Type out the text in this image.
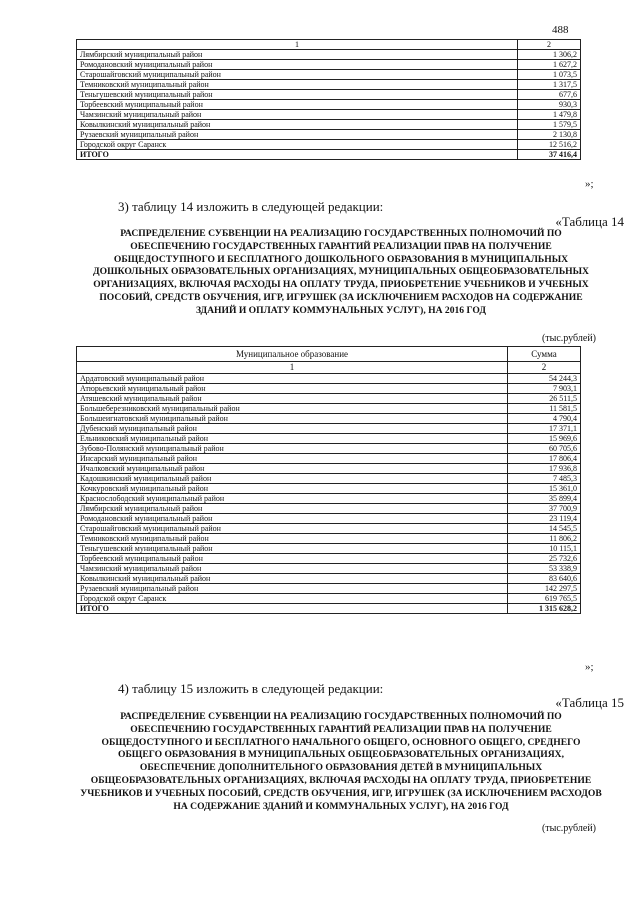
488
1	2
Лямбирский муниципальный район	1 306,2
Ромодановский муниципальный район	1 627,2
Старошайговский муниципальный район	1 073,5
Темниковский муниципальный район	1 317,5
Теньгушевский муниципальный район	677,6
Торбеевский муниципальный район	930,3
Чамзинский муниципальный район	1 479,8
Ковылкинский муниципальный район	1 579,5
Рузаевский муниципальный район	2 130,8
Городской округ Саранск	12 516,2
ИТОГО	37 416,4
»;
3) таблицу 14 изложить в следующей редакции:
«Таблица 14
РАСПРЕДЕЛЕНИЕ СУБВЕНЦИИ НА РЕАЛИЗАЦИЮ ГОСУДАРСТВЕННЫХ ПОЛНОМОЧИЙ ПО ОБЕСПЕЧЕНИЮ ГОСУДАРСТВЕННЫХ ГАРАНТИЙ РЕАЛИЗАЦИИ ПРАВ НА ПОЛУЧЕНИЕ ОБЩЕДОСТУПНОГО И БЕСПЛАТНОГО ДОШКОЛЬНОГО ОБРАЗОВАНИЯ В МУНИЦИПАЛЬНЫХ ДОШКОЛЬНЫХ ОБРАЗОВАТЕЛЬНЫХ ОРГАНИЗАЦИЯХ, МУНИЦИПАЛЬНЫХ ОБЩЕОБРАЗОВАТЕЛЬНЫХ ОРГАНИЗАЦИЯХ, ВКЛЮЧАЯ РАСХОДЫ НА ОПЛАТУ ТРУДА, ПРИОБРЕТЕНИЕ УЧЕБНИКОВ И УЧЕБНЫХ ПОСОБИЙ, СРЕДСТВ ОБУЧЕНИЯ, ИГР, ИГРУШЕК (ЗА ИСКЛЮЧЕНИЕМ РАСХОДОВ НА СОДЕРЖАНИЕ ЗДАНИЙ И ОПЛАТУ КОММУНАЛЬНЫХ УСЛУГ), НА 2016 ГОД
(тыс.рублей)
Муниципальное образование	Сумма
1	2
Ардатовский муниципальный район	54 244,3
Атюрьевский муниципальный район	7 903,1
Атяшевский муниципальный район	26 511,5
Большеберезниковский муниципальный район	11 581,5
Большеигнатовский муниципальный район	4 790,4
Дубенский муниципальный район	17 371,1
Ельниковский муниципальный район	15 969,6
Зубово-Полянский муниципальный район	60 705,6
Инсарский муниципальный район	17 806,4
Ичалковский муниципальный район	17 936,8
Кадошкинский муниципальный район	7 485,3
Кочкуровский муниципальный район	15 361,0
Краснослободский муниципальный район	35 899,4
Лямбирский муниципальный район	37 700,9
Ромодановский муниципальный район	23 119,4
Старошайговский муниципальный район	14 545,5
Темниковский муниципальный район	11 806,2
Теньгушевский муниципальный район	10 115,1
Торбеевский муниципальный район	25 732,6
Чамзинский муниципальный район	53 338,9
Ковылкинский муниципальный район	83 640,6
Рузаевский муниципальный район	142 297,5
Городской округ Саранск	619 765,5
ИТОГО	1 315 628,2
»;
4) таблицу 15 изложить в следующей редакции:
«Таблица 15
РАСПРЕДЕЛЕНИЕ СУБВЕНЦИИ НА РЕАЛИЗАЦИЮ ГОСУДАРСТВЕННЫХ ПОЛНОМОЧИЙ ПО ОБЕСПЕЧЕНИЮ ГОСУДАРСТВЕННЫХ ГАРАНТИЙ РЕАЛИЗАЦИИ ПРАВ НА ПОЛУЧЕНИЕ ОБЩЕДОСТУПНОГО И БЕСПЛАТНОГО НАЧАЛЬНОГО ОБЩЕГО, ОСНОВНОГО ОБЩЕГО, СРЕДНЕГО ОБЩЕГО ОБРАЗОВАНИЯ В МУНИЦИПАЛЬНЫХ ОБЩЕОБРАЗОВАТЕЛЬНЫХ ОРГАНИЗАЦИЯХ, ОБЕСПЕЧЕНИЕ ДОПОЛНИТЕЛЬНОГО ОБРАЗОВАНИЯ ДЕТЕЙ В МУНИЦИПАЛЬНЫХ ОБЩЕОБРАЗОВАТЕЛЬНЫХ ОРГАНИЗАЦИЯХ, ВКЛЮЧАЯ РАСХОДЫ НА ОПЛАТУ ТРУДА, ПРИОБРЕТЕНИЕ УЧЕБНИКОВ И УЧЕБНЫХ ПОСОБИЙ, СРЕДСТВ ОБУЧЕНИЯ, ИГР, ИГРУШЕК (ЗА ИСКЛЮЧЕНИЕМ РАСХОДОВ НА СОДЕРЖАНИЕ ЗДАНИЙ И КОММУНАЛЬНЫХ УСЛУГ), НА 2016 ГОД
(тыс.рублей)
